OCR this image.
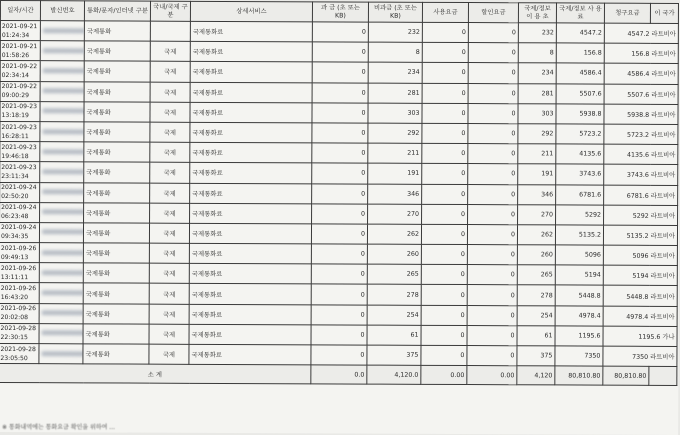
일자/시간	발신번호	통화/문자/인터넷 구분	국내/국제 구분	상세서비스	과 금 (초 또는 KB)	비과금 (초 또는 KB)	사용요금	할인요금	국제/정보 이 용 초	국제/정보 사 용 료	청구요금	이 국가
2021-09-21
01:24:34		국제통화		국제통화료	0	232	0	0	232	4547.2	4547.2 라트비아	
2021-09-21
01:58:26		국제통화	국제	국제통화료	0	8	0	0	8	156.8	156.8 라트비아	
2021-09-22
02:34:14		국제통화	국제	국제통화료	0	234	0	0	234	4586.4	4586.4 라트비아	
2021-09-22
09:00:29		국제통화	국제	국제통화료	0	281	0	0	281	5507.6	5507.6 라트비아	
2021-09-23
13:18:19		국제통화	국제	국제통화료	0	303	0	0	303	5938.8	5938.8 라트비아	
2021-09-23
16:28:11		국제통화	국제	국제통화료	0	292	0	0	292	5723.2	5723.2 라트비아	
2021-09-23
19:46:18		국제통화	국제	국제통화료	0	211	0	0	211	4135.6	4135.6 라트비아	
2021-09-23
23:11:34		국제통화	국제	국제통화료	0	191	0	0	191	3743.6	3743.6 라트비아	
2021-09-24
02:50:20		국제통화	국제	국제통화료	0	346	0	0	346	6781.6	6781.6 라트비아	
2021-09-24
06:23:48		국제통화	국제	국제통화료	0	270	0	0	270	5292	5292 라트비아	
2021-09-24
09:34:35		국제통화	국제	국제통화료	0	262	0	0	262	5135.2	5135.2 라트비아	
2021-09-26
09:49:13		국제통화	국제	국제통화료	0	260	0	0	260	5096	5096 라트비아	
2021-09-26
13:11:11		국제통화	국제	국제통화료	0	265	0	0	265	5194	5194 라트비아	
2021-09-26
16:43:20		국제통화	국제	국제통화료	0	278	0	0	278	5448.8	5448.8 라트비아	
2021-09-26
20:02:08		국제통화	국제	국제통화료	0	254	0	0	254	4978.4	4978.4 라트비아	
2021-09-28
22:30:15		국제통화	국제	국제통화료	0	61	0	0	61	1195.6	1195.6 가나	
2021-09-28
23:05:50		국제통화	국제	국제통화료	0	375	0	0	375	7350	7350 라트비아	
소 계					0.0	4,120.0	0.00	0.00	4,120	80,810.80	80,810.80	
※ 통화내역에는 통화요금 확인을 위하여 ...
